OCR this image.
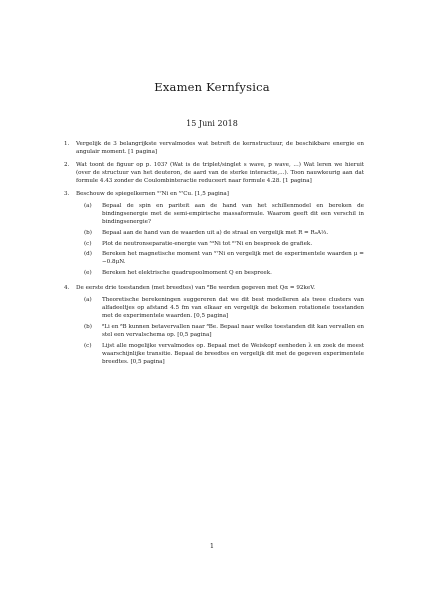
Examen Kernfysica
15 Juni 2018
1.	Vergelijk de 3 belangrijkste vervalmodes wat betreft de kernstructuur, de beschikbare energie en angulair moment. [1 pagina]
2.	Wat toont de figuur op p. 103? (Wat is de triplet/singlet s wave, p wave, ...) Wat leren we hieruit (over de structuur van het deuteron, de aard van de sterke interactie,...). Toon nauwkeurig aan dat formule 4.43 zonder de Coulombinteractie reduceert naar formule 4.28. [1 pagina]
3.	Beschouw de spiegelkernen ⁵⁷Ni en ⁵⁷Cu. [1,5 pagina]
(a)	Bepaal de spin en pariteit aan de hand van het schillenmodel en bereken de bindingsenergie met de semi-empirische massaformule. Waarom geeft dit een verschil in bindingsenergie?
(b)	Bepaal aan de hand van de waarden uit a) de straal en vergelijk met R = R₀A⅓.
(c)	Plot de neutronseparatie-energie van ⁵³Ni tot ⁶⁷Ni en bespreek de grafiek.
(d)	Bereken het magnetische moment van ⁵⁷Ni en vergelijk met de experimentele waarden μ = −0.8μN.
(e)	Bereken het elektrische quadrupoolmoment Q en bespreek.
4.	De eerste drie toestanden (met breedtes) van ⁸Be werden gegeven met Qα = 92keV.
(a)	Theoretische berekeningen suggereren dat we dit best modelleren als twee clusters van alfadeeltjes op afstand 4.5 fm van elkaar en vergelijk de bekomen rotationele toestanden met de experimentele waarden. [0,5 pagina]
(b)	⁸Li en ⁸B kunnen betavervallen naar ⁸Be. Bepaal naar welke toestanden dit kan vervallen en stel een vervalschema op. [0,5 pagina]
(c)	Lijst alle mogelijke vervalmodes op. Bepaal met de Weiskopf eenheden λ en zoek de meest waarschijnlijke transitie. Bepaal de breedtes en vergelijk dit met de gegeven experimentele breedtes. [0,5 pagina]
1
